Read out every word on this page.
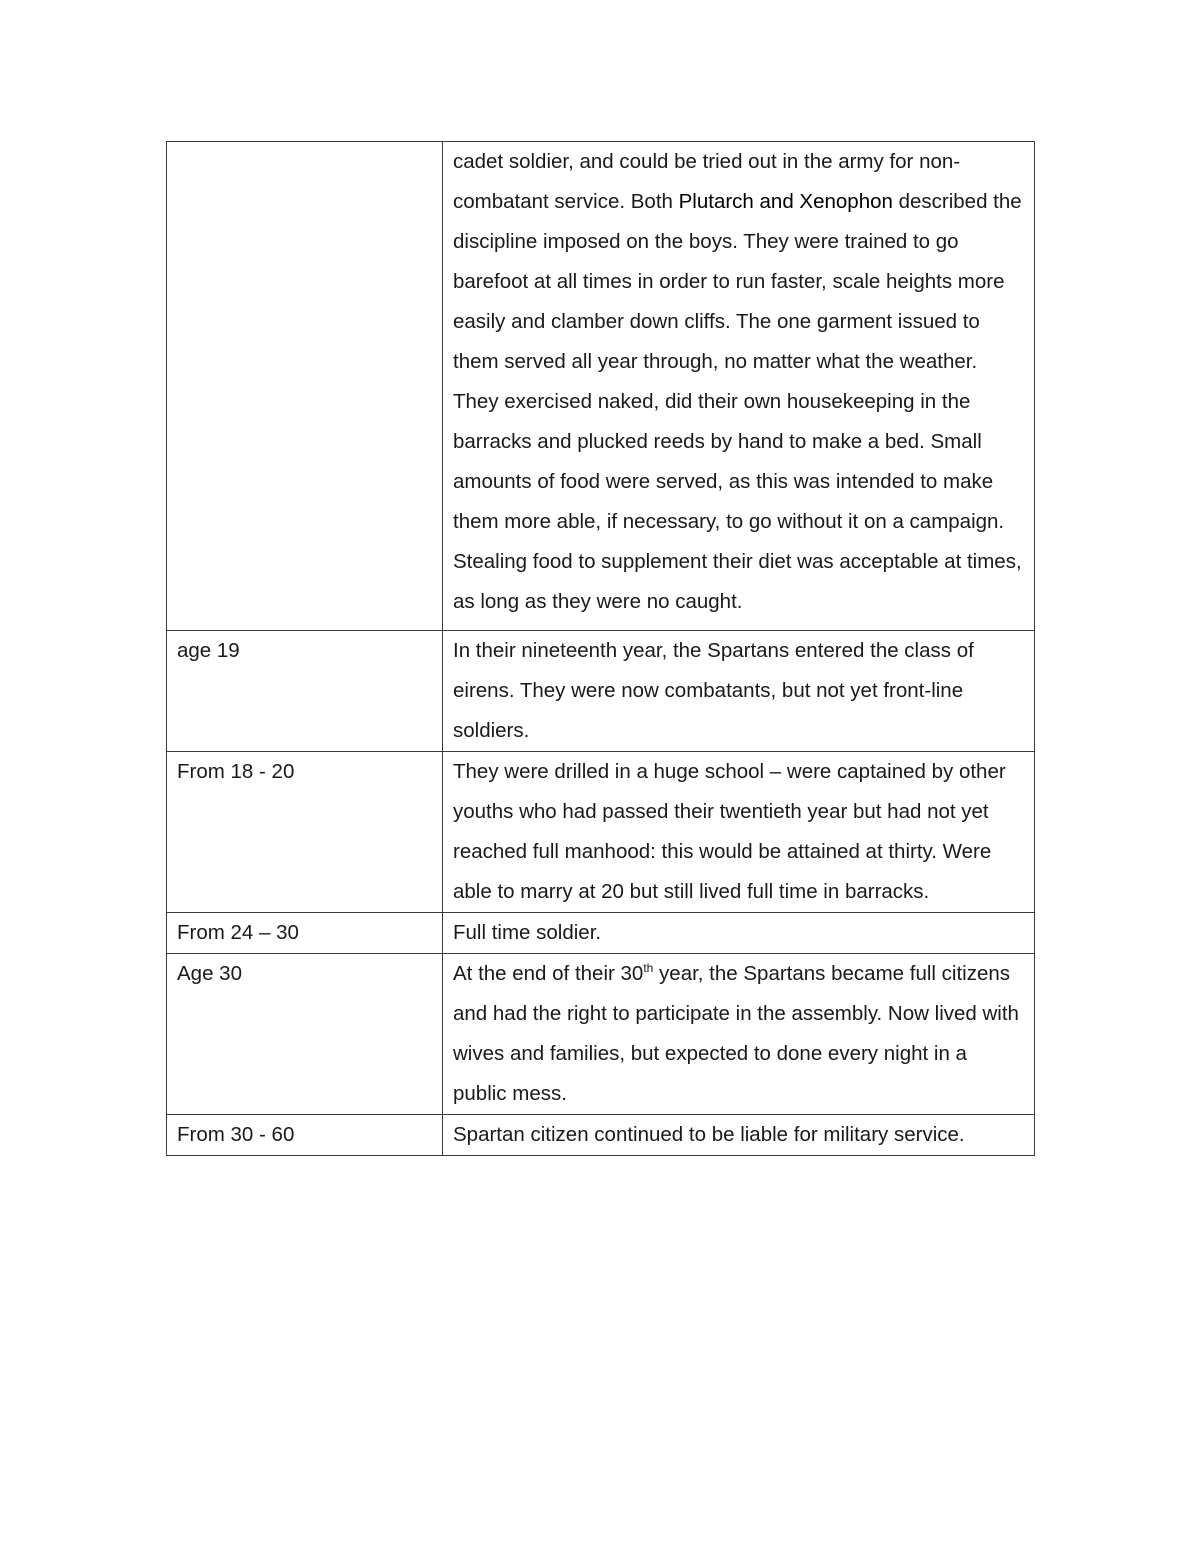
	cadet soldier, and could be tried out in the army for non-combatant service. Both Plutarch and Xenophon described the discipline imposed on the boys. They were trained to go barefoot at all times in order to run faster, scale heights more easily and clamber down cliffs. The one garment issued to them served all year through, no matter what the weather. They exercised naked, did their own housekeeping in the barracks and plucked reeds by hand to make a bed. Small amounts of food were served, as this was intended to make them more able, if necessary, to go without it on a campaign. Stealing food to supplement their diet was acceptable at times, as long as they were no caught.
age 19	In their nineteenth year, the Spartans entered the class of eirens. They were now combatants, but not yet front-line soldiers.
From 18 - 20	They were drilled in a huge school – were captained by other youths who had passed their twentieth year but had not yet reached full manhood: this would be attained at thirty. Were able to marry at 20 but still lived full time in barracks.
From 24 – 30	Full time soldier.
Age 30	At the end of their 30th year, the Spartans became full citizens and had the right to participate in the assembly. Now lived with wives and families, but expected to done every night in a public mess.
From 30 - 60	Spartan citizen continued to be liable for military service.
